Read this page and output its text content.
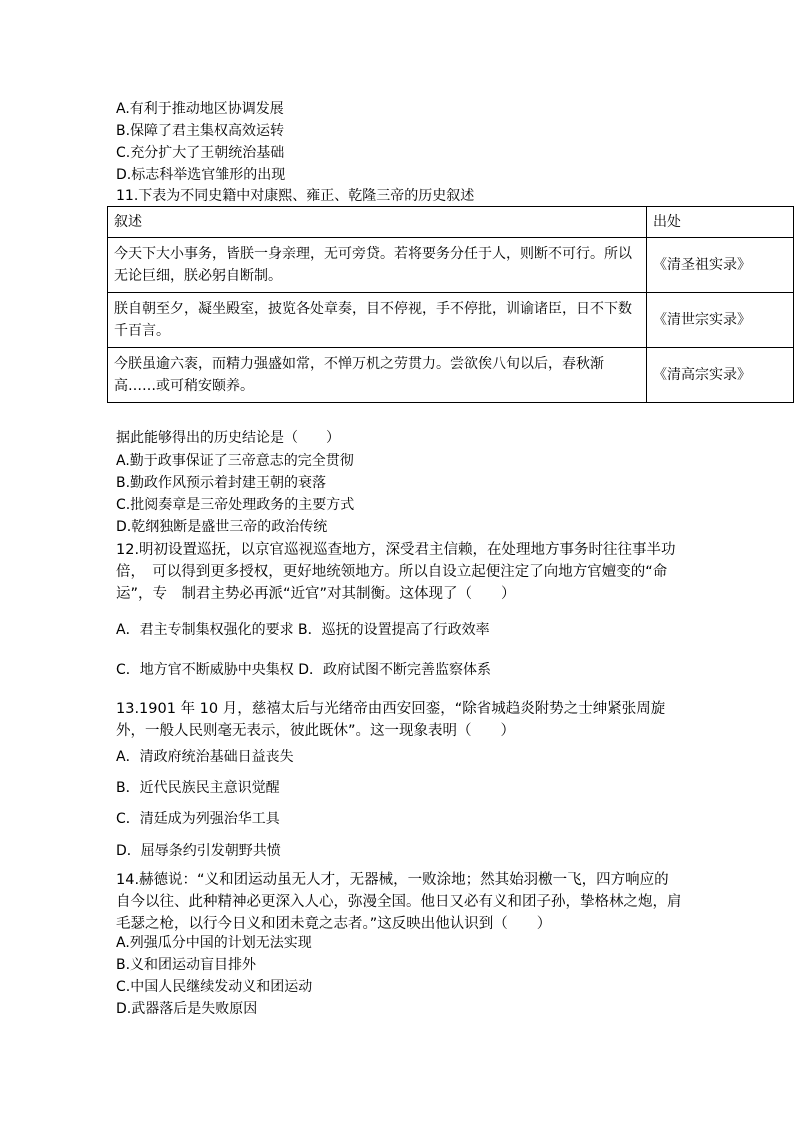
A.有利于推动地区协调发展
B.保障了君主集权高效运转
C.充分扩大了王朝统治基础
D.标志科举选官雏形的出现
11.下表为不同史籍中对康熙、雍正、乾隆三帝的历史叙述
叙述	出处
今天下大小事务，皆朕一身亲理，无可旁贷。若将要务分任于人，则断不可行。所以无论巨细，朕必躬自断制。	《清圣祖实录》
朕自朝至夕，凝坐殿室，披览各处章奏，目不停视，手不停批，训谕诸臣，日不下数千百言。	《清世宗实录》
今朕虽逾六袠，而精力强盛如常，不惮万机之劳贯力。尝欲俟八旬以后，春秋渐高……或可稍安颐养。	《清高宗实录》
据此能够得出的历史结论是（　　）
A.勤于政事保证了三帝意志的完全贯彻
B.勤政作风预示着封建王朝的衰落
C.批阅奏章是三帝处理政务的主要方式
D.乾纲独断是盛世三帝的政治传统
12.明初设置巡抚，以京官巡视巡查地方，深受君主信赖，在处理地方事务时往往事半功倍，　可以得到更多授权，更好地统领地方。所以自设立起便注定了向地方官嬗变的“命运”，专　制君主势必再派“近官”对其制衡。这体现了（　　）
A．君主专制集权强化的要求 B．巡抚的设置提高了行政效率
C．地方官不断威胁中央集权 D．政府试图不断完善监察体系
13.1901 年 10 月，慈禧太后与光绪帝由西安回銮，“除省城趋炎附势之士绅紧张周旋外，一般人民则毫无表示，彼此既休”。这一现象表明（　　）
A．清政府统治基础日益丧失
B．近代民族民主意识觉醒
C．清廷成为列强治华工具
D．屈辱条约引发朝野共愤
14.赫德说：“义和团运动虽无人才，无器械，一败涂地；然其始羽檄一飞，四方响应的自今以往、此种精神必更深入人心，弥漫全国。他日又必有义和团子孙，挚格林之炮，肩毛瑟之枪，以行今日义和团未竟之志者。”这反映出他认识到（　　）
A.列强瓜分中国的计划无法实现
B.义和团运动盲目排外
C.中国人民继续发动义和团运动
D.武器落后是失败原因
